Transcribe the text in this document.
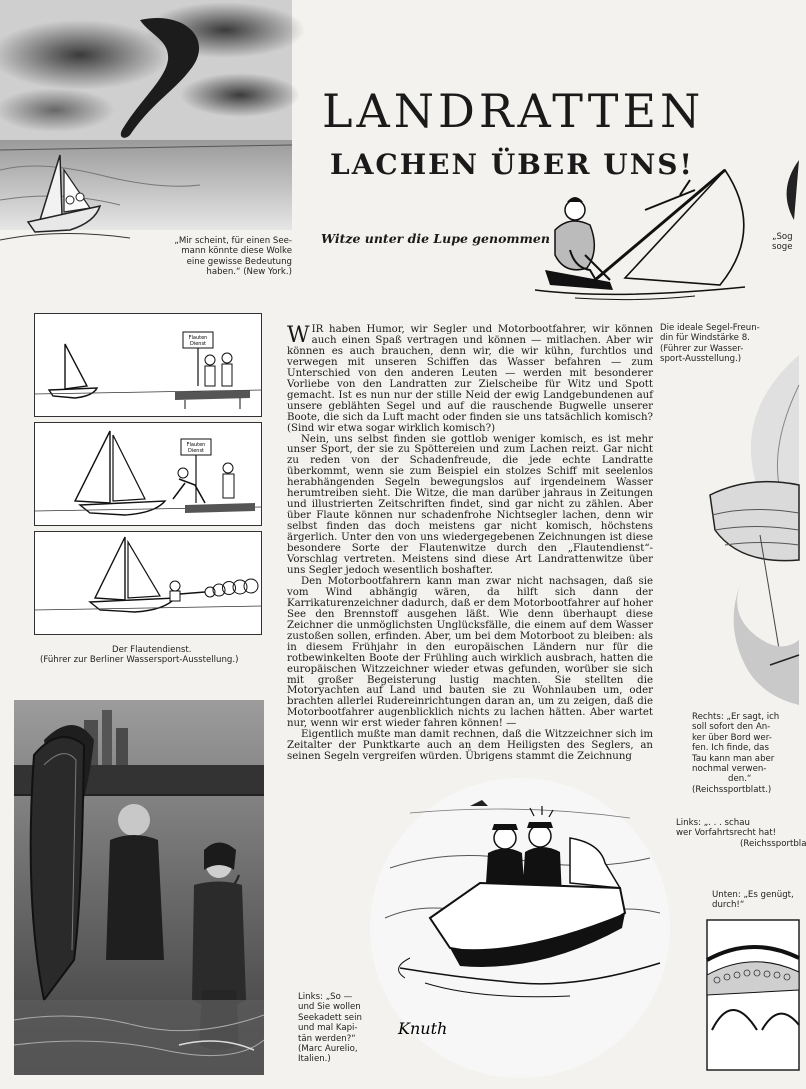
LANDRATTEN
LACHEN ÜBER UNS!
Witze unter die Lupe genommen

„Mir scheint, für einen See-

mann könnte diese Wolke

eine gewisse Bedeutung

haben.“ (New York.)

„Sog

soge

Flauten
Dienst
Flauten
Dienst

Der Flautendienst.

(Führer zur Berliner Wassersport-Ausstellung.)

WIR haben Humor, wir Segler und Motorbootfahrer, wir können auch einen Spaß vertragen und können — mitlachen. Aber wir können es auch brauchen, denn wir, die wir kühn, furchtlos und verwegen mit unseren Schiffen das Wasser befahren — zum Unterschied von den anderen Leuten — werden mit besonderer Vorliebe von den Landratten zur Zielscheibe für Witz und Spott gemacht. Ist es nun nur der stille Neid der ewig Landgebundenen auf unsere geblähten Segel und auf die rauschende Bugwelle unserer Boote, die sich da Luft macht oder finden sie uns tatsächlich komisch? (Sind wir etwa sogar wirklich komisch?)

Nein, uns selbst finden sie gottlob weniger komisch, es ist mehr unser Sport, der sie zu Spöttereien und zum Lachen reizt. Gar nicht zu reden von der Schadenfreude, die jede echte Landratte überkommt, wenn sie zum Beispiel ein stolzes Schiff mit seelenlos herabhängenden Segeln bewegungslos auf irgendeinem Wasser herumtreiben sieht. Die Witze, die man darüber jahraus in Zeitungen und illustrierten Zeitschriften findet, sind gar nicht zu zählen. Aber über Flaute können nur schadenfrohe Nichtsegler lachen, denn wir selbst finden das doch meistens gar nicht komisch, höchstens ärgerlich. Unter den von uns wiedergegebenen Zeichnungen ist diese besondere Sorte der Flautenwitze durch den „Flautendienst“-Vorschlag vertreten. Meistens sind diese Art Landrattenwitze über uns Segler jedoch wesentlich boshafter.

Den Motorbootfahrern kann man zwar nicht nachsagen, daß sie vom Wind abhängig wären, da hilft sich dann der Karrikaturenzeichner dadurch, daß er dem Motorbootfahrer auf hoher See den Brennstoff ausgehen läßt. Wie denn überhaupt diese Zeichner die unmöglichsten Unglücksfälle, die einem auf dem Wasser zustoßen sollen, erfinden. Aber, um bei dem Motorboot zu bleiben: als in diesem Frühjahr in den europäischen Ländern nur für die rotbewinkelten Boote der Frühling auch wirklich ausbrach, hatten die europäischen Witzzeichner wieder etwas gefunden, worüber sie sich mit großer Begeisterung lustig machten. Sie stellten die Motoryachten auf Land und bauten sie zu Wohnlauben um, oder brachten allerlei Rudereinrichtungen daran an, um zu zeigen, daß die Motorbootfahrer augenblicklich nichts zu lachen hätten. Aber wartet nur, wenn wir erst wieder fahren können! —

Eigentlich mußte man damit rechnen, daß die Witzzeichner sich im Zeitalter der Punktkarte auch an dem Heiligsten des Seglers, an seinen Segeln vergreifen würden. Übrigens stammt die Zeichnung

Die ideale Segel-Freun-

din für Windstärke 8.

(Führer zur Wasser-

sport-Ausstellung.)

Rechts: „Er sagt, ich

soll sofort den An-

ker über Bord wer-

fen. Ich finde, das

Tau kann man aber

nochmal verwen-

den.“

(Reichssportblatt.)

Links: „. . . schau

wer Vorfahrtsrecht hat!

(Reichssportbla

Unten: „Es genügt,

durch!“

Knuth

Links: „So —

und Sie wollen

Seekadett sein

und mal Kapi-

tän werden?“

(Marc Aurelio,

Italien.)
